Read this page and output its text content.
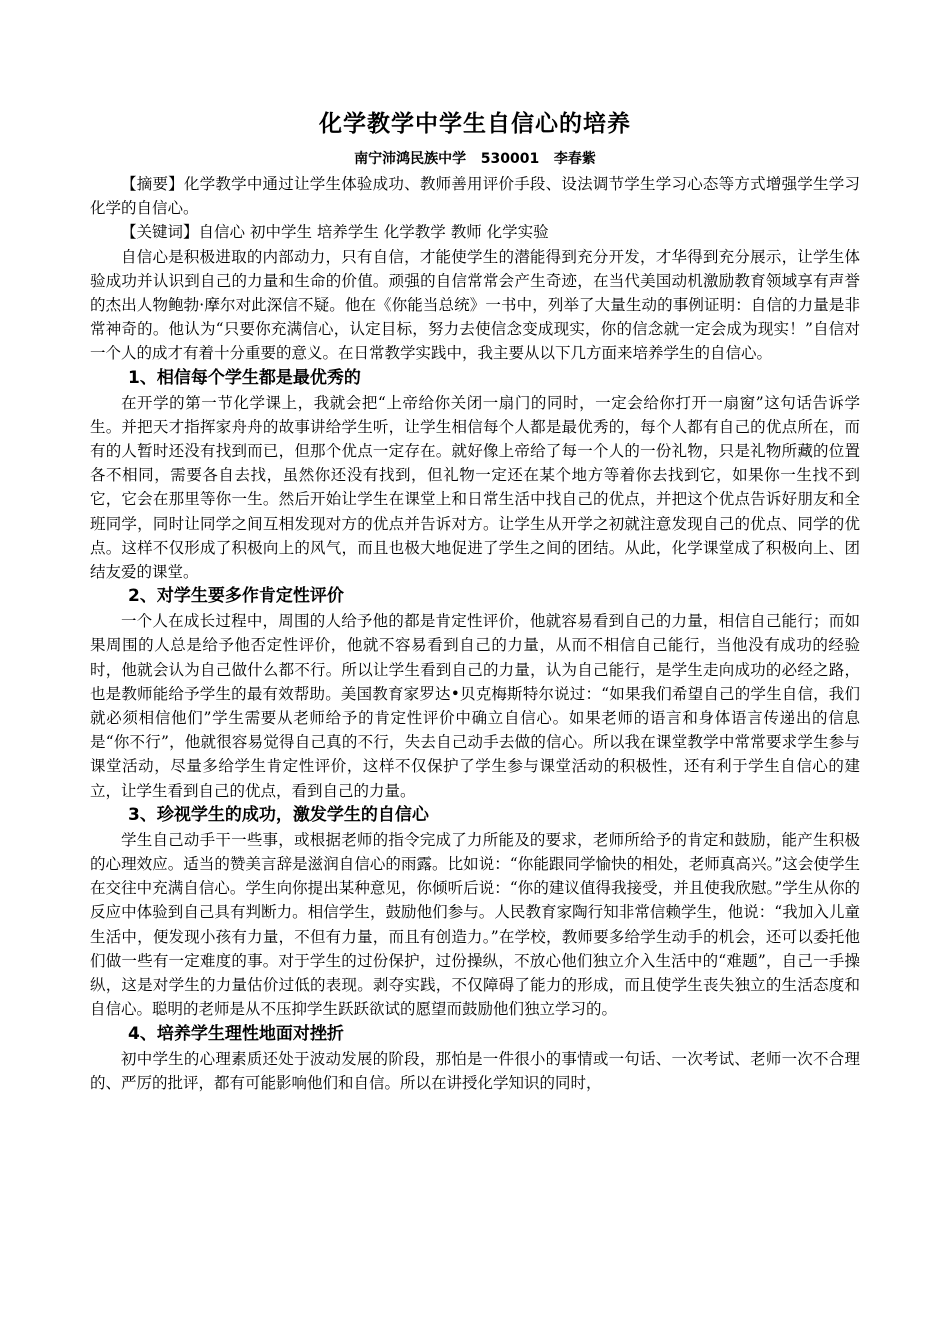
化学教学中学生自信心的培养

南宁沛鸿民族中学   530001   李春紫

【摘要】化学教学中通过让学生体验成功、教师善用评价手段、设法调节学生学习心态等方式增强学生学习化学的自信心。

【关键词】自信心 初中学生 培养学生 化学教学 教师 化学实验

自信心是积极进取的内部动力，只有自信，才能使学生的潜能得到充分开发，才华得到充分展示，让学生体验成功并认识到自己的力量和生命的价值。顽强的自信常常会产生奇迹，在当代美国动机激励教育领域享有声誉的杰出人物鲍勃·摩尔对此深信不疑。他在《你能当总统》一书中，列举了大量生动的事例证明：自信的力量是非常神奇的。他认为“只要你充满信心，认定目标，努力去使信念变成现实，你的信念就一定会成为现实！”自信对一个人的成才有着十分重要的意义。在日常教学实践中，我主要从以下几方面来培养学生的自信心。

1、相信每个学生都是最优秀的

在开学的第一节化学课上，我就会把“上帝给你关闭一扇门的同时，一定会给你打开一扇窗”这句话告诉学生。并把天才指挥家舟舟的故事讲给学生听，让学生相信每个人都是最优秀的，每个人都有自己的优点所在，而有的人暂时还没有找到而已，但那个优点一定存在。就好像上帝给了每一个人的一份礼物，只是礼物所藏的位置各不相同，需要各自去找，虽然你还没有找到，但礼物一定还在某个地方等着你去找到它，如果你一生找不到它，它会在那里等你一生。然后开始让学生在课堂上和日常生活中找自己的优点，并把这个优点告诉好朋友和全班同学，同时让同学之间互相发现对方的优点并告诉对方。让学生从开学之初就注意发现自己的优点、同学的优点。这样不仅形成了积极向上的风气，而且也极大地促进了学生之间的团结。从此，化学课堂成了积极向上、团结友爱的课堂。

2、对学生要多作肯定性评价

一个人在成长过程中，周围的人给予他的都是肯定性评价，他就容易看到自己的力量，相信自己能行；而如果周围的人总是给予他否定性评价，他就不容易看到自己的力量，从而不相信自己能行，当他没有成功的经验时，他就会认为自己做什么都不行。所以让学生看到自己的力量，认为自己能行，是学生走向成功的必经之路，也是教师能给予学生的最有效帮助。美国教育家罗达•贝克梅斯特尔说过：“如果我们希望自己的学生自信，我们就必须相信他们”学生需要从老师给予的肯定性评价中确立自信心。如果老师的语言和身体语言传递出的信息是“你不行”，他就很容易觉得自己真的不行，失去自己动手去做的信心。所以我在课堂教学中常常要求学生参与课堂活动，尽量多给学生肯定性评价，这样不仅保护了学生参与课堂活动的积极性，还有利于学生自信心的建立，让学生看到自己的优点，看到自己的力量。

3、珍视学生的成功，激发学生的自信心

学生自己动手干一些事，或根据老师的指令完成了力所能及的要求，老师所给予的肯定和鼓励，能产生积极的心理效应。适当的赞美言辞是滋润自信心的雨露。比如说：“你能跟同学愉快的相处，老师真高兴。”这会使学生在交往中充满自信心。学生向你提出某种意见，你倾听后说：“你的建议值得我接受，并且使我欣慰。”学生从你的反应中体验到自己具有判断力。相信学生，鼓励他们参与。人民教育家陶行知非常信赖学生，他说：“我加入儿童生活中，便发现小孩有力量，不但有力量，而且有创造力。”在学校，教师要多给学生动手的机会，还可以委托他们做一些有一定难度的事。对于学生的过份保护，过份操纵，不放心他们独立介入生活中的“难题”，自己一手操纵，这是对学生的力量估价过低的表现。剥夺实践，不仅障碍了能力的形成，而且使学生丧失独立的生活态度和自信心。聪明的老师是从不压抑学生跃跃欲试的愿望而鼓励他们独立学习的。

4、培养学生理性地面对挫折

初中学生的心理素质还处于波动发展的阶段，那怕是一件很小的事情或一句话、一次考试、老师一次不合理的、严厉的批评，都有可能影响他们和自信。所以在讲授化学知识的同时，
